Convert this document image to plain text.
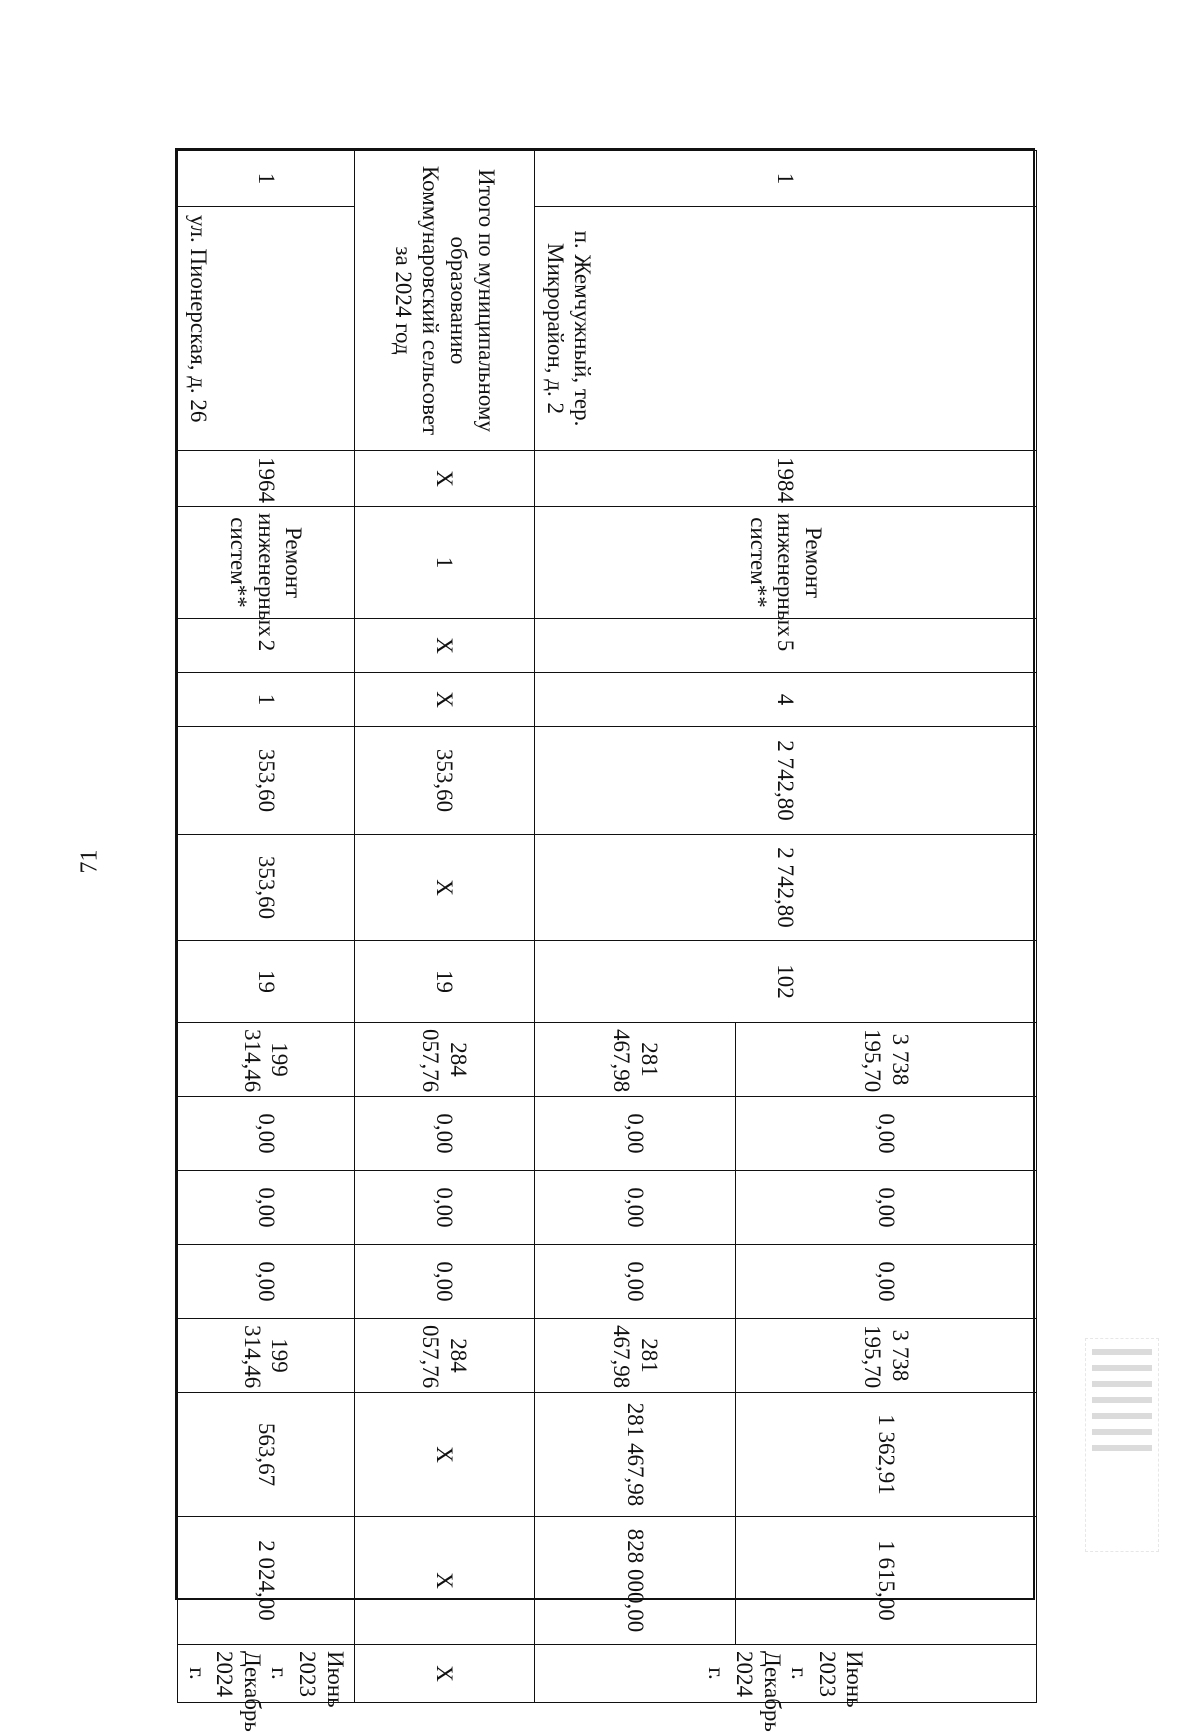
71
1
п. Жемчужный, тер. Микрорайон, д. 2	1984	Ремонт инженерных систем**	5	4	2 742,80	2 742,80	102	3 738 195,70	0,00	0,00	0,00	3 738 195,70	1 362,91	1 615,00	Июнь 2023 г. Декабрь 2024 г.
								281 467,98	0,00	0,00	0,00	281 467,98	281 467,98	828 000,00	
Итого по муниципальному образованию Коммунаровский сельсовет за 2024 год	Х	1	Х	Х	353,60	Х	19	284 057,76	0,00	0,00	0,00	284 057,76	Х	Х	Х

1
ул. Пионерская, д. 26	1964	Ремонт инженерных систем**	2	1	353,60	353,60	19	199 314,46	0,00	0,00	0,00	199 314,46	563,67	2 024,00	Июнь 2023 г. Декабрь 2024 г.
